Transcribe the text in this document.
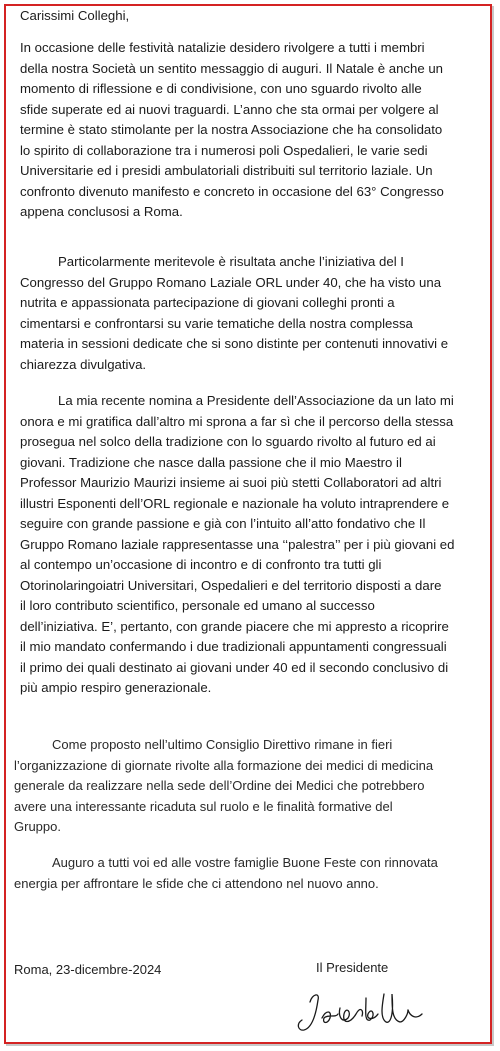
Carissimi Colleghi,
In occasione delle festività natalizie desidero rivolgere a tutti i membri
della nostra Società un sentito messaggio di auguri. Il Natale è anche un
momento di riflessione e di condivisione, con uno sguardo rivolto alle
sfide superate ed ai nuovi traguardi. L’anno che sta ormai per volgere al
termine è stato stimolante per la nostra Associazione che ha consolidato
lo spirito di collaborazione tra i numerosi poli Ospedalieri, le varie sedi
Universitarie ed i presidi ambulatoriali distribuiti sul territorio laziale. Un
confronto divenuto manifesto e concreto in occasione del 63° Congresso
appena conclusosi a Roma.
Particolarmente meritevole è risultata anche l’iniziativa del I
Congresso del Gruppo Romano Laziale ORL under 40, che ha visto una
nutrita e appassionata partecipazione di giovani colleghi pronti a
cimentarsi e confrontarsi su varie tematiche della nostra complessa
materia in sessioni dedicate che si sono distinte per contenuti innovativi e
chiarezza divulgativa.
La mia recente nomina a Presidente dell’Associazione da un lato mi
onora e mi gratifica dall’altro mi sprona a far sì che il percorso della stessa
prosegua nel solco della tradizione con lo sguardo rivolto al futuro ed ai
giovani. Tradizione che nasce dalla passione che il mio Maestro il
Professor Maurizio Maurizi insieme ai suoi più stetti Collaboratori ad altri
illustri Esponenti dell’ORL regionale e nazionale ha voluto intraprendere e
seguire con grande passione e già con l’intuito all’atto fondativo che Il
Gruppo Romano laziale rappresentasse una ‘‘palestra’’ per i più giovani ed
al contempo un’occasione di incontro e di confronto tra tutti gli
Otorinolaringoiatri Universitari, Ospedalieri e del territorio disposti a dare
il loro contributo scientifico, personale ed umano al successo
dell’iniziativa. E’, pertanto, con grande piacere che mi appresto a ricoprire
il mio mandato confermando i due tradizionali appuntamenti congressuali
il primo dei quali destinato ai giovani under 40 ed il secondo conclusivo di
più ampio respiro generazionale.
Come proposto nell’ultimo Consiglio Direttivo rimane in fieri
l’organizzazione di giornate rivolte alla formazione dei medici di medicina
generale da realizzare nella sede dell’Ordine dei Medici che potrebbero
avere una interessante ricaduta sul ruolo e le finalità formative del
Gruppo.
Auguro a tutti voi ed alle vostre famiglie Buone Feste con rinnovata
energia per affrontare le sfide che ci attendono nel nuovo anno.
Roma, 23-dicembre-2024	Il Presidente
